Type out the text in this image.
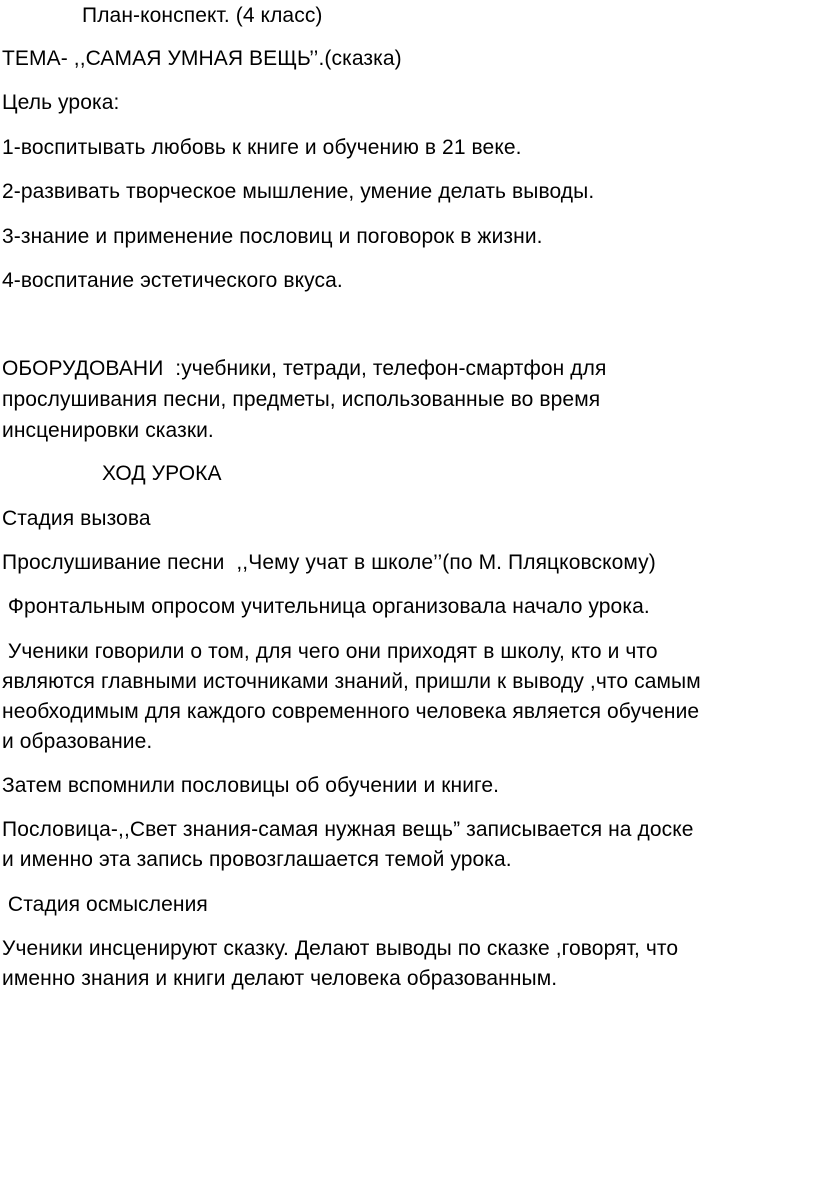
План-конспект. (4 класс)

ТЕМА- ,,САМАЯ УМНАЯ ВЕЩЬ’’.(сказка)

Цель урока:

1-воспитывать любовь к книге и обучению в 21 веке.

2-развивать творческое мышление, умение делать выводы.

3-знание и применение пословиц и поговорок в жизни.

4-воспитание эстетического вкуса.

ОБОРУДОВАНИ  :учебники, тетради, телефон-смартфон для

прослушивания песни, предметы, использованные во время

инсценировки сказки.

ХОД УРОКА

Стадия вызова

Прослушивание песни  ,,Чему учат в школе’’(по М. Пляцковскому)

Фронтальным опросом учительница организовала начало урока.

Ученики говорили о том, для чего они приходят в школу, кто и что

являются главными источниками знаний, пришли к выводу ,что самым

необходимым для каждого современного человека является обучение

и образование.

Затем вспомнили пословицы об обучении и книге.

Пословица-,,Свет знания-самая нужная вещь” записывается на доске

и именно эта запись провозглашается темой урока.

Стадия осмысления

Ученики инсценируют сказку. Делают выводы по сказке ,говорят, что

именно знания и книги делают человека образованным.
